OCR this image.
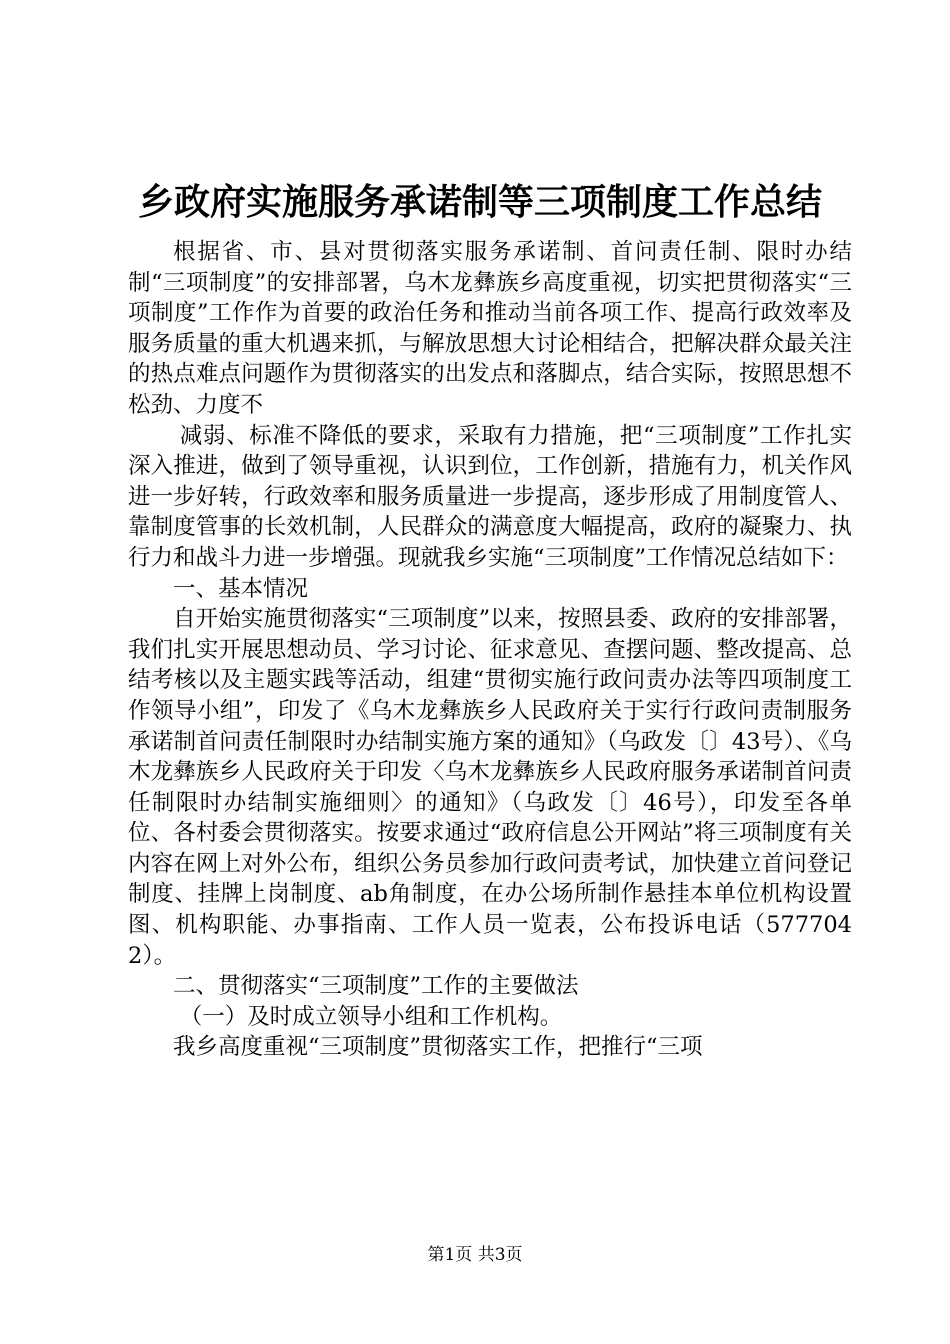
乡政府实施服务承诺制等三项制度工作总结

根据省、市、县对贯彻落实服务承诺制、首问责任制、限时办结制“三项制度”的安排部署，乌木龙彝族乡高度重视，切实把贯彻落实“三项制度”工作作为首要的政治任务和推动当前各项工作、提高行政效率及服务质量的重大机遇来抓，与解放思想大讨论相结合，把解决群众最关注的热点难点问题作为贯彻落实的出发点和落脚点，结合实际，按照思想不松劲、力度不

减弱、标准不降低的要求，采取有力措施，把“三项制度”工作扎实深入推进，做到了领导重视，认识到位，工作创新，措施有力，机关作风进一步好转，行政效率和服务质量进一步提高，逐步形成了用制度管人、靠制度管事的长效机制，人民群众的满意度大幅提高，政府的凝聚力、执行力和战斗力进一步增强。现就我乡实施“三项制度”工作情况总结如下：

一、基本情况

自开始实施贯彻落实“三项制度”以来，按照县委、政府的安排部署，我们扎实开展思想动员、学习讨论、征求意见、查摆问题、整改提高、总结考核以及主题实践等活动，组建“贯彻实施行政问责办法等四项制度工作领导小组”，印发了《乌木龙彝族乡人民政府关于实行行政问责制服务承诺制首问责任制限时办结制实施方案的通知》（乌政发〔〕43号）、《乌木龙彝族乡人民政府关于印发〈乌木龙彝族乡人民政府服务承诺制首问责任制限时办结制实施细则〉的通知》（乌政发〔〕46号），印发至各单位、各村委会贯彻落实。按要求通过“政府信息公开网站”将三项制度有关内容在网上对外公布，组织公务员参加行政问责考试，加快建立首问登记制度、挂牌上岗制度、ab角制度，在办公场所制作悬挂本单位机构设置图、机构职能、办事指南、工作人员一览表，公布投诉电话（5777042）。

二、贯彻落实“三项制度”工作的主要做法

（一）及时成立领导小组和工作机构。

我乡高度重视“三项制度”贯彻落实工作，把推行“三项

第1页 共3页
